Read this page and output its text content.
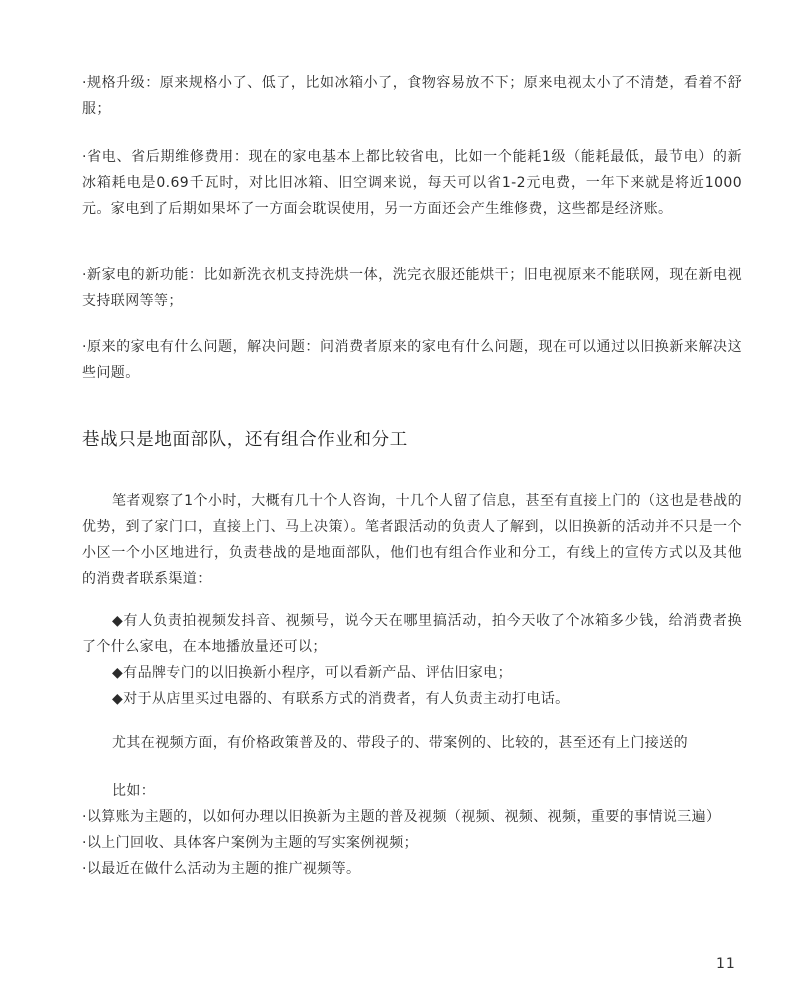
·规格升级：原来规格小了、低了，比如冰箱小了，食物容易放不下；原来电视太小了不清楚，看着不舒服；

·省电、省后期维修费用：现在的家电基本上都比较省电，比如一个能耗1级（能耗最低，最节电）的新冰箱耗电是0.69千瓦时，对比旧冰箱、旧空调来说，每天可以省1-2元电费，一年下来就是将近1000元。家电到了后期如果坏了一方面会耽误使用，另一方面还会产生维修费，这些都是经济账。

·新家电的新功能：比如新洗衣机支持洗烘一体，洗完衣服还能烘干；旧电视原来不能联网，现在新电视支持联网等等；

·原来的家电有什么问题，解决问题：问消费者原来的家电有什么问题，现在可以通过以旧换新来解决这些问题。

巷战只是地面部队，还有组合作业和分工

笔者观察了1个小时，大概有几十个人咨询，十几个人留了信息，甚至有直接上门的（这也是巷战的优势，到了家门口，直接上门、马上决策）。笔者跟活动的负责人了解到，以旧换新的活动并不只是一个小区一个小区地进行，负责巷战的是地面部队，他们也有组合作业和分工，有线上的宣传方式以及其他的消费者联系渠道：

◆有人负责拍视频发抖音、视频号，说今天在哪里搞活动，拍今天收了个冰箱多少钱，给消费者换了个什么家电，在本地播放量还可以；
◆有品牌专门的以旧换新小程序，可以看新产品、评估旧家电；
◆对于从店里买过电器的、有联系方式的消费者，有人负责主动打电话。

尤其在视频方面，有价格政策普及的、带段子的、带案例的、比较的，甚至还有上门接送的

比如：
·以算账为主题的，以如何办理以旧换新为主题的普及视频（视频、视频、视频，重要的事情说三遍）
·以上门回收、具体客户案例为主题的写实案例视频；
·以最近在做什么活动为主题的推广视频等。
11
